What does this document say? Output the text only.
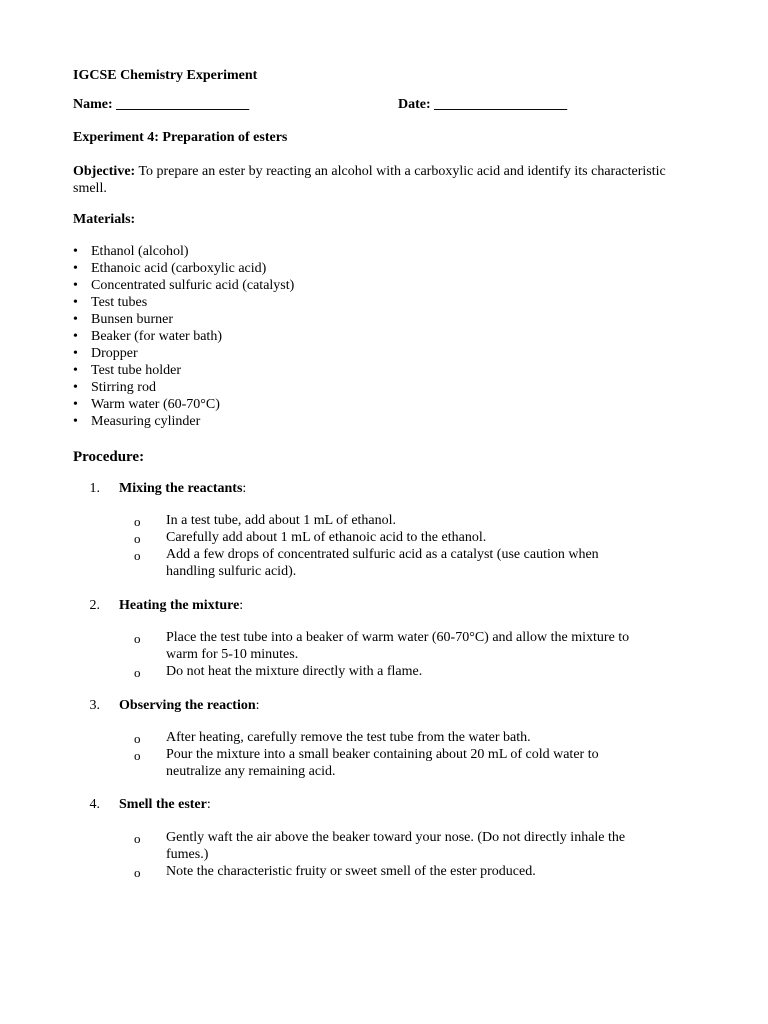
IGCSE Chemistry Experiment
Name: ___________________	Date: ___________________
Experiment 4: Preparation of esters
Objective: To prepare an ester by reacting an alcohol with a carboxylic acid and identify its characteristic
smell.
Materials:
• Ethanol (alcohol)
• Ethanoic acid (carboxylic acid)
• Concentrated sulfuric acid (catalyst)
• Test tubes
• Bunsen burner
• Beaker (for water bath)
• Dropper
• Test tube holder
• Stirring rod
• Warm water (60-70°C)
• Measuring cylinder
Procedure:
1. Mixing the reactants:
o In a test tube, add about 1 mL of ethanol.
o Carefully add about 1 mL of ethanoic acid to the ethanol.
o Add a few drops of concentrated sulfuric acid as a catalyst (use caution when
handling sulfuric acid).
2. Heating the mixture:
o Place the test tube into a beaker of warm water (60-70°C) and allow the mixture to
warm for 5-10 minutes.
o Do not heat the mixture directly with a flame.
3. Observing the reaction:
o After heating, carefully remove the test tube from the water bath.
o Pour the mixture into a small beaker containing about 20 mL of cold water to
neutralize any remaining acid.
4. Smell the ester:
o Gently waft the air above the beaker toward your nose. (Do not directly inhale the
fumes.)
o Note the characteristic fruity or sweet smell of the ester produced.
